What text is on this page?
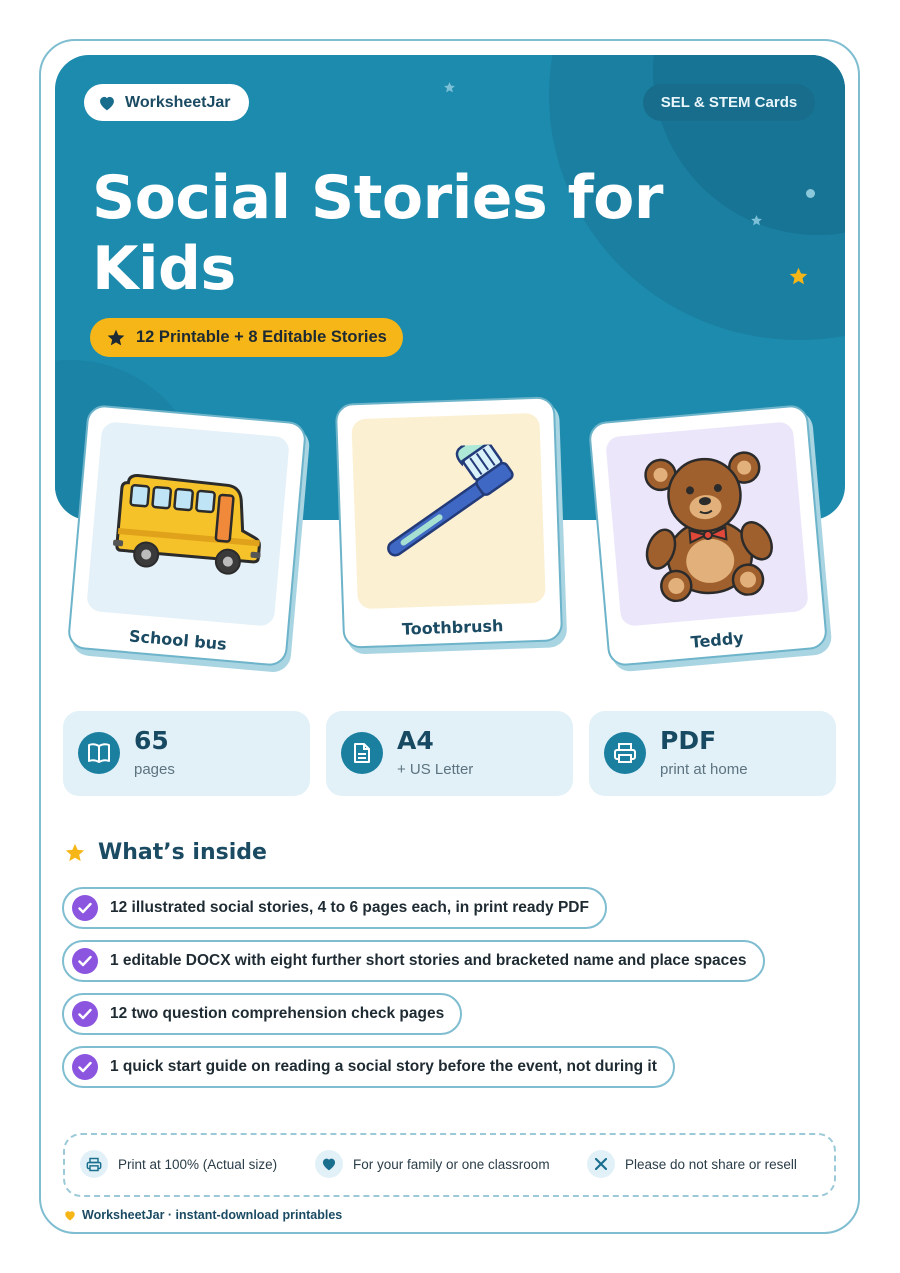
WorksheetJar	SEL & STEM Cards
Social Stories for Kids
12 Printable + 8 Editable Stories
School bus	Toothbrush
Teddy
65
pages
A4
+ US Letter
PDF
print at home
What’s inside
12 illustrated social stories, 4 to 6 pages each, in print ready PDF
1 editable DOCX with eight further short stories and bracketed name and place spaces
12 two question comprehension check pages
1 quick start guide on reading a social story before the event, not during it
Print at 100% (Actual size)	For your family or one classroom	Please do not share or resell
WorksheetJar · instant-download printables
